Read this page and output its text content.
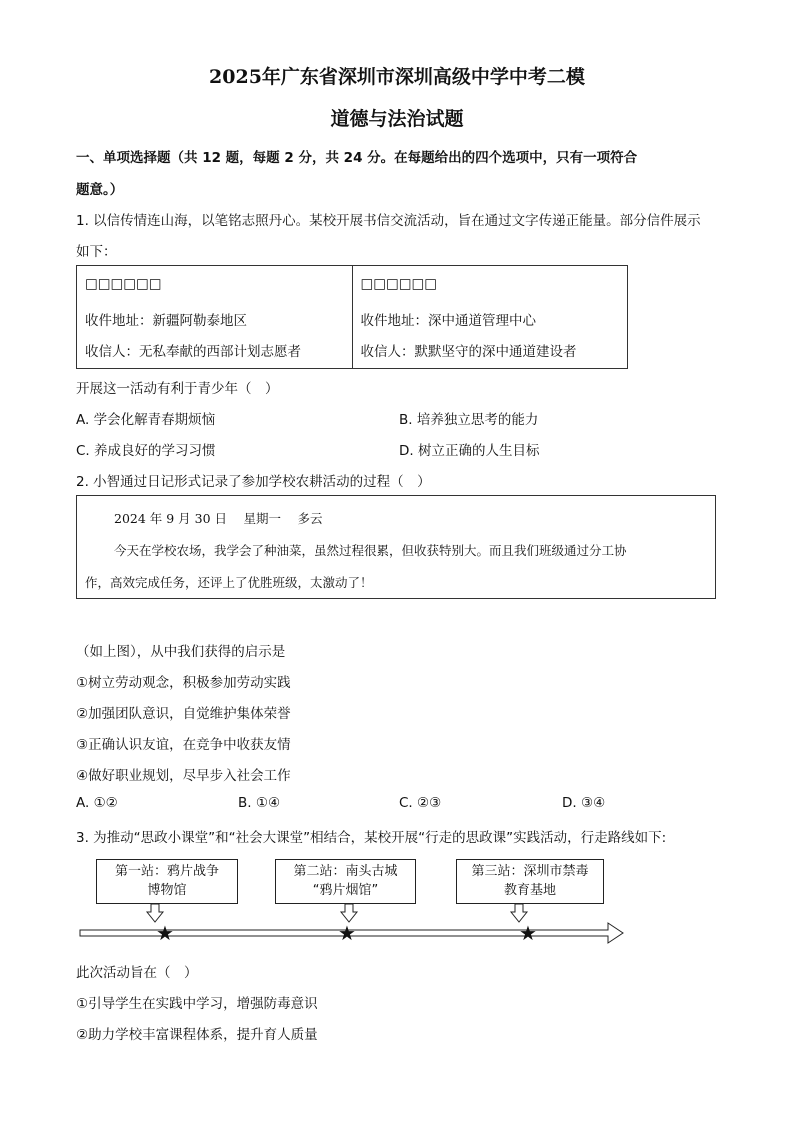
2025年广东省深圳市深圳高级中学中考二模
道德与法治试题
一、单项选择题（共 12 题，每题 2 分，共 24 分。在每题给出的四个选项中，只有一项符合
题意。）
1. 以信传情连山海，以笔铭志照丹心。某校开展书信交流活动，旨在通过文字传递正能量。部分信件展示
如下：
□□□□□□
收件地址：新疆阿勒泰地区
收信人：无私奉献的西部计划志愿者

□□□□□□
收件地址：深中通道管理中心
收信人：默默坚守的深中通道建设者
开展这一活动有利于青少年（　）
A. 学会化解青春期烦恼	B. 培养独立思考的能力
C. 养成良好的学习习惯	D. 树立正确的人生目标
2. 小智通过日记形式记录了参加学校农耕活动的过程（　）
2024 年 9 月 30 日　 星期一　 多云
今天在学校农场，我学会了种油菜，虽然过程很累，但收获特别大。而且我们班级通过分工协
作，高效完成任务，还评上了优胜班级，太激动了！
（如上图），从中我们获得的启示是
①树立劳动观念，积极参加劳动实践
②加强团队意识，自觉维护集体荣誉
③正确认识友谊，在竞争中收获友情
④做好职业规划，尽早步入社会工作
A. ①②	B. ①④	C. ②③	D. ③④
3. 为推动“思政小课堂”和“社会大课堂”相结合，某校开展“行走的思政课”实践活动，行走路线如下:
★	★	★
第一站：鸦片战争
博物馆
第二站：南头古城
“鸦片烟馆”
第三站：深圳市禁毒
教育基地
此次活动旨在（　）
①引导学生在实践中学习，增强防毒意识
②助力学校丰富课程体系，提升育人质量
